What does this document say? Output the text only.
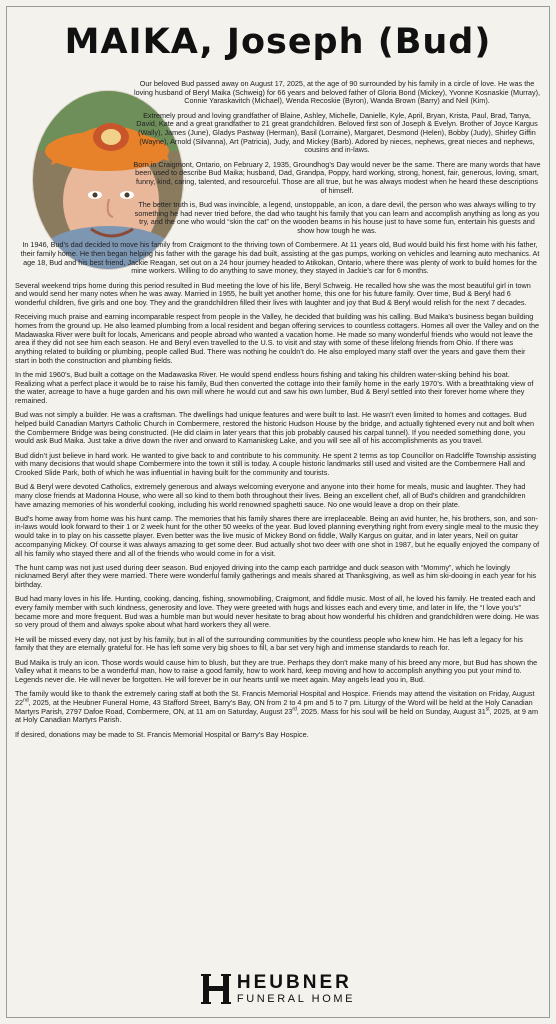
MAIKA, Joseph (Bud)

Our beloved Bud passed away on August 17, 2025, at the age of 90 surrounded by his family in a circle of love. He was the loving husband of Beryl Maika (Schweig) for 66 years and beloved father of Gloria Bond (Mickey), Yvonne Kosnaskie (Murray), Connie Yaraskavitch (Michael), Wenda Recoskie (Byron), Wanda Brown (Barry) and Neil (Kim).

Extremely proud and loving grandfather of Blaine, Ashley, Michelle, Danielle, Kyle, April, Bryan, Krista, Paul, Brad, Tanya, David, Kate and a great grandfather to 21 great grandchildren. Beloved first son of Joseph & Evelyn. Brother of Joyce Kargus (Wally), James (June), Gladys Pastway (Herman), Basil (Lorraine), Margaret, Desmond (Helen), Bobby (Judy), Shirley Giffin (Wayne), Arnold (Silvanna), Art (Patricia), Judy, and Mickey (Barb). Adored by nieces, nephews, great nieces and nephews, cousins and in-laws.

Born in Craigmont, Ontario, on February 2, 1935, Groundhog’s Day would never be the same. There are many words that have been used to describe Bud Maika; husband, Dad, Grandpa, Poppy, hard working, strong, honest, fair, generous, loving, smart, funny, kind, caring, talented, and resourceful. Those are all true, but he was always modest when he heard these descriptions of himself.

The better truth is, Bud was invincible, a legend, unstoppable, an icon, a dare devil, the person who was always willing to try something he had never tried before, the dad who taught his family that you can learn and accomplish anything as long as you try, and the one who would “skin the cat” on the wooden beams in his house just to have some fun, entertain his guests and show how tough he was.

In 1946, Bud’s dad decided to move his family from Craigmont to the thriving town of Combermere. At 11 years old, Bud would build his first home with his father, their family home. He then began helping his father with the garage his dad built, assisting at the gas pumps, working on vehicles and learning auto mechanics. At age 18, Bud and his best friend, Jackie Reagan, set out on a 24 hour journey headed to Atikokan, Ontario, where there was plenty of work to build homes for the mine workers. Willing to do anything to save money, they stayed in Jackie’s car for 6 months.

Several weekend trips home during this period resulted in Bud meeting the love of his life, Beryl Schweig. He recalled how she was the most beautiful girl in town and would send her many notes when he was away. Married in 1955, he built yet another home, this one for his future family. Over time, Bud & Beryl had 6 wonderful children, five girls and one boy. They and the grandchildren filled their lives with laughter and joy that Bud & Beryl would relish for the next 7 decades.

Receiving much praise and earning incomparable respect from people in the Valley, he decided that building was his calling. Bud Maika’s business began building homes from the ground up. He also learned plumbing from a local resident and began offering services to countless cottagers. Homes all over the Valley and on the Madawaska River were built for locals, Americans and people abroad who wanted a vacation home. He made so many wonderful friends who would not leave the area if they did not see him each season. He and Beryl even travelled to the U.S. to visit and stay with some of these lifelong friends from Ohio. If there was anything related to building or plumbing, people called Bud. There was nothing he couldn’t do. He also employed many staff over the years and gave them their start in both the construction and plumbing fields.

In the mid 1960’s, Bud built a cottage on the Madawaska River. He would spend endless hours fishing and taking his children water-skiing behind his boat. Realizing what a perfect place it would be to raise his family, Bud then converted the cottage into their family home in the early 1970’s. With a breathtaking view of the water, acreage to have a huge garden and his own mill where he would cut and saw his own lumber, Bud & Beryl settled into their forever home where they remained.

Bud was not simply a builder. He was a craftsman. The dwellings had unique features and were built to last. He wasn’t even limited to homes and cottages. Bud helped build Canadian Martyrs Catholic Church in Combermere, restored the historic Hudson House by the bridge, and actually tightened every nut and bolt when the Combermere Bridge was being constructed. (He did claim in later years that this job probably caused his carpal tunnel). If you needed something done, you would ask Bud Maika. Just take a drive down the river and onward to Kamaniskeg Lake, and you will see all of his accomplishments as you travel.

Bud didn’t just believe in hard work. He wanted to give back to and contribute to his community. He spent 2 terms as top Councillor on Radcliffe Township assisting with many decisions that would shape Combermere into the town it still is today. A couple historic landmarks still used and visited are the Combermere Hall and Crooked Slide Park, both of which he was influential in having built for the community and tourists.

Bud & Beryl were devoted Catholics, extremely generous and always welcoming everyone and anyone into their home for meals, music and laughter. They had many close friends at Madonna House, who were all so kind to them both throughout their lives. Being an excellent chef, all of Bud’s children and grandchildren have amazing memories of his wonderful cooking, including his world renowned spaghetti sauce. No one would leave a drop on their plate.

Bud’s home away from home was his hunt camp. The memories that his family shares there are irreplaceable. Being an avid hunter, he, his brothers, son, and son-in-laws would look forward to their 1 or 2 week hunt for the other 50 weeks of the year. Bud loved planning everything right from every single meal to the music they would take in to play on his cassette player. Even better was the live music of Mickey Bond on fiddle, Wally Kargus on guitar, and in later years, Neil on guitar accompanying Mickey. Of course it was always amazing to get some deer. Bud actually shot two deer with one shot in 1987, but he equally enjoyed the company of all his family who stayed there and all of the friends who would come in for a visit.

The hunt camp was not just used during deer season. Bud enjoyed driving into the camp each partridge and duck season with “Mommy”, which he lovingly nicknamed Beryl after they were married. There were wonderful family gatherings and meals shared at Thanksgiving, as well as him ski-dooing in each year for his birthday.

Bud had many loves in his life. Hunting, cooking, dancing, fishing, snowmobiling, Craigmont, and fiddle music. Most of all, he loved his family. He treated each and every family member with such kindness, generosity and love. They were greeted with hugs and kisses each and every time, and later in life, the “I love you’s” became more and more frequent. Bud was a humble man but would never hesitate to brag about how wonderful his children and grandchildren were doing. He was so very proud of them and always spoke about what hard workers they all were.

He will be missed every day, not just by his family, but in all of the surrounding communities by the countless people who knew him. He has left a legacy for his family that they are eternally grateful for. He has left some very big shoes to fill, a bar set very high and immense standards to reach for.

Bud Maika is truly an icon. Those words would cause him to blush, but they are true. Perhaps they don’t make many of his breed any more, but Bud has shown the Valley what it means to be a wonderful man, how to raise a good family, how to work hard, keep moving and how to accomplish anything you put your mind to. Legends never die. He will never be forgotten. He will forever be in our hearts until we meet again. May angels lead you in, Bud.

The family would like to thank the extremely caring staff at both the St. Francis Memorial Hospital and Hospice. Friends may attend the visitation on Friday, August 22nd, 2025, at the Heubner Funeral Home, 43 Stafford Street, Barry’s Bay, ON from 2 to 4 pm and 5 to 7 pm. Liturgy of the Word will be held at the Holy Canadian Martyrs Parish, 2797 Dafoe Road, Combermere, ON, at 11 am on Saturday, August 23rd, 2025. Mass for his soul will be held on Sunday, August 31st, 2025, at 9 am at Holy Canadian Martyrs Parish.

If desired, donations may be made to St. Francis Memorial Hospital or Barry’s Bay Hospice.

HEUBNER
FUNERAL HOME
